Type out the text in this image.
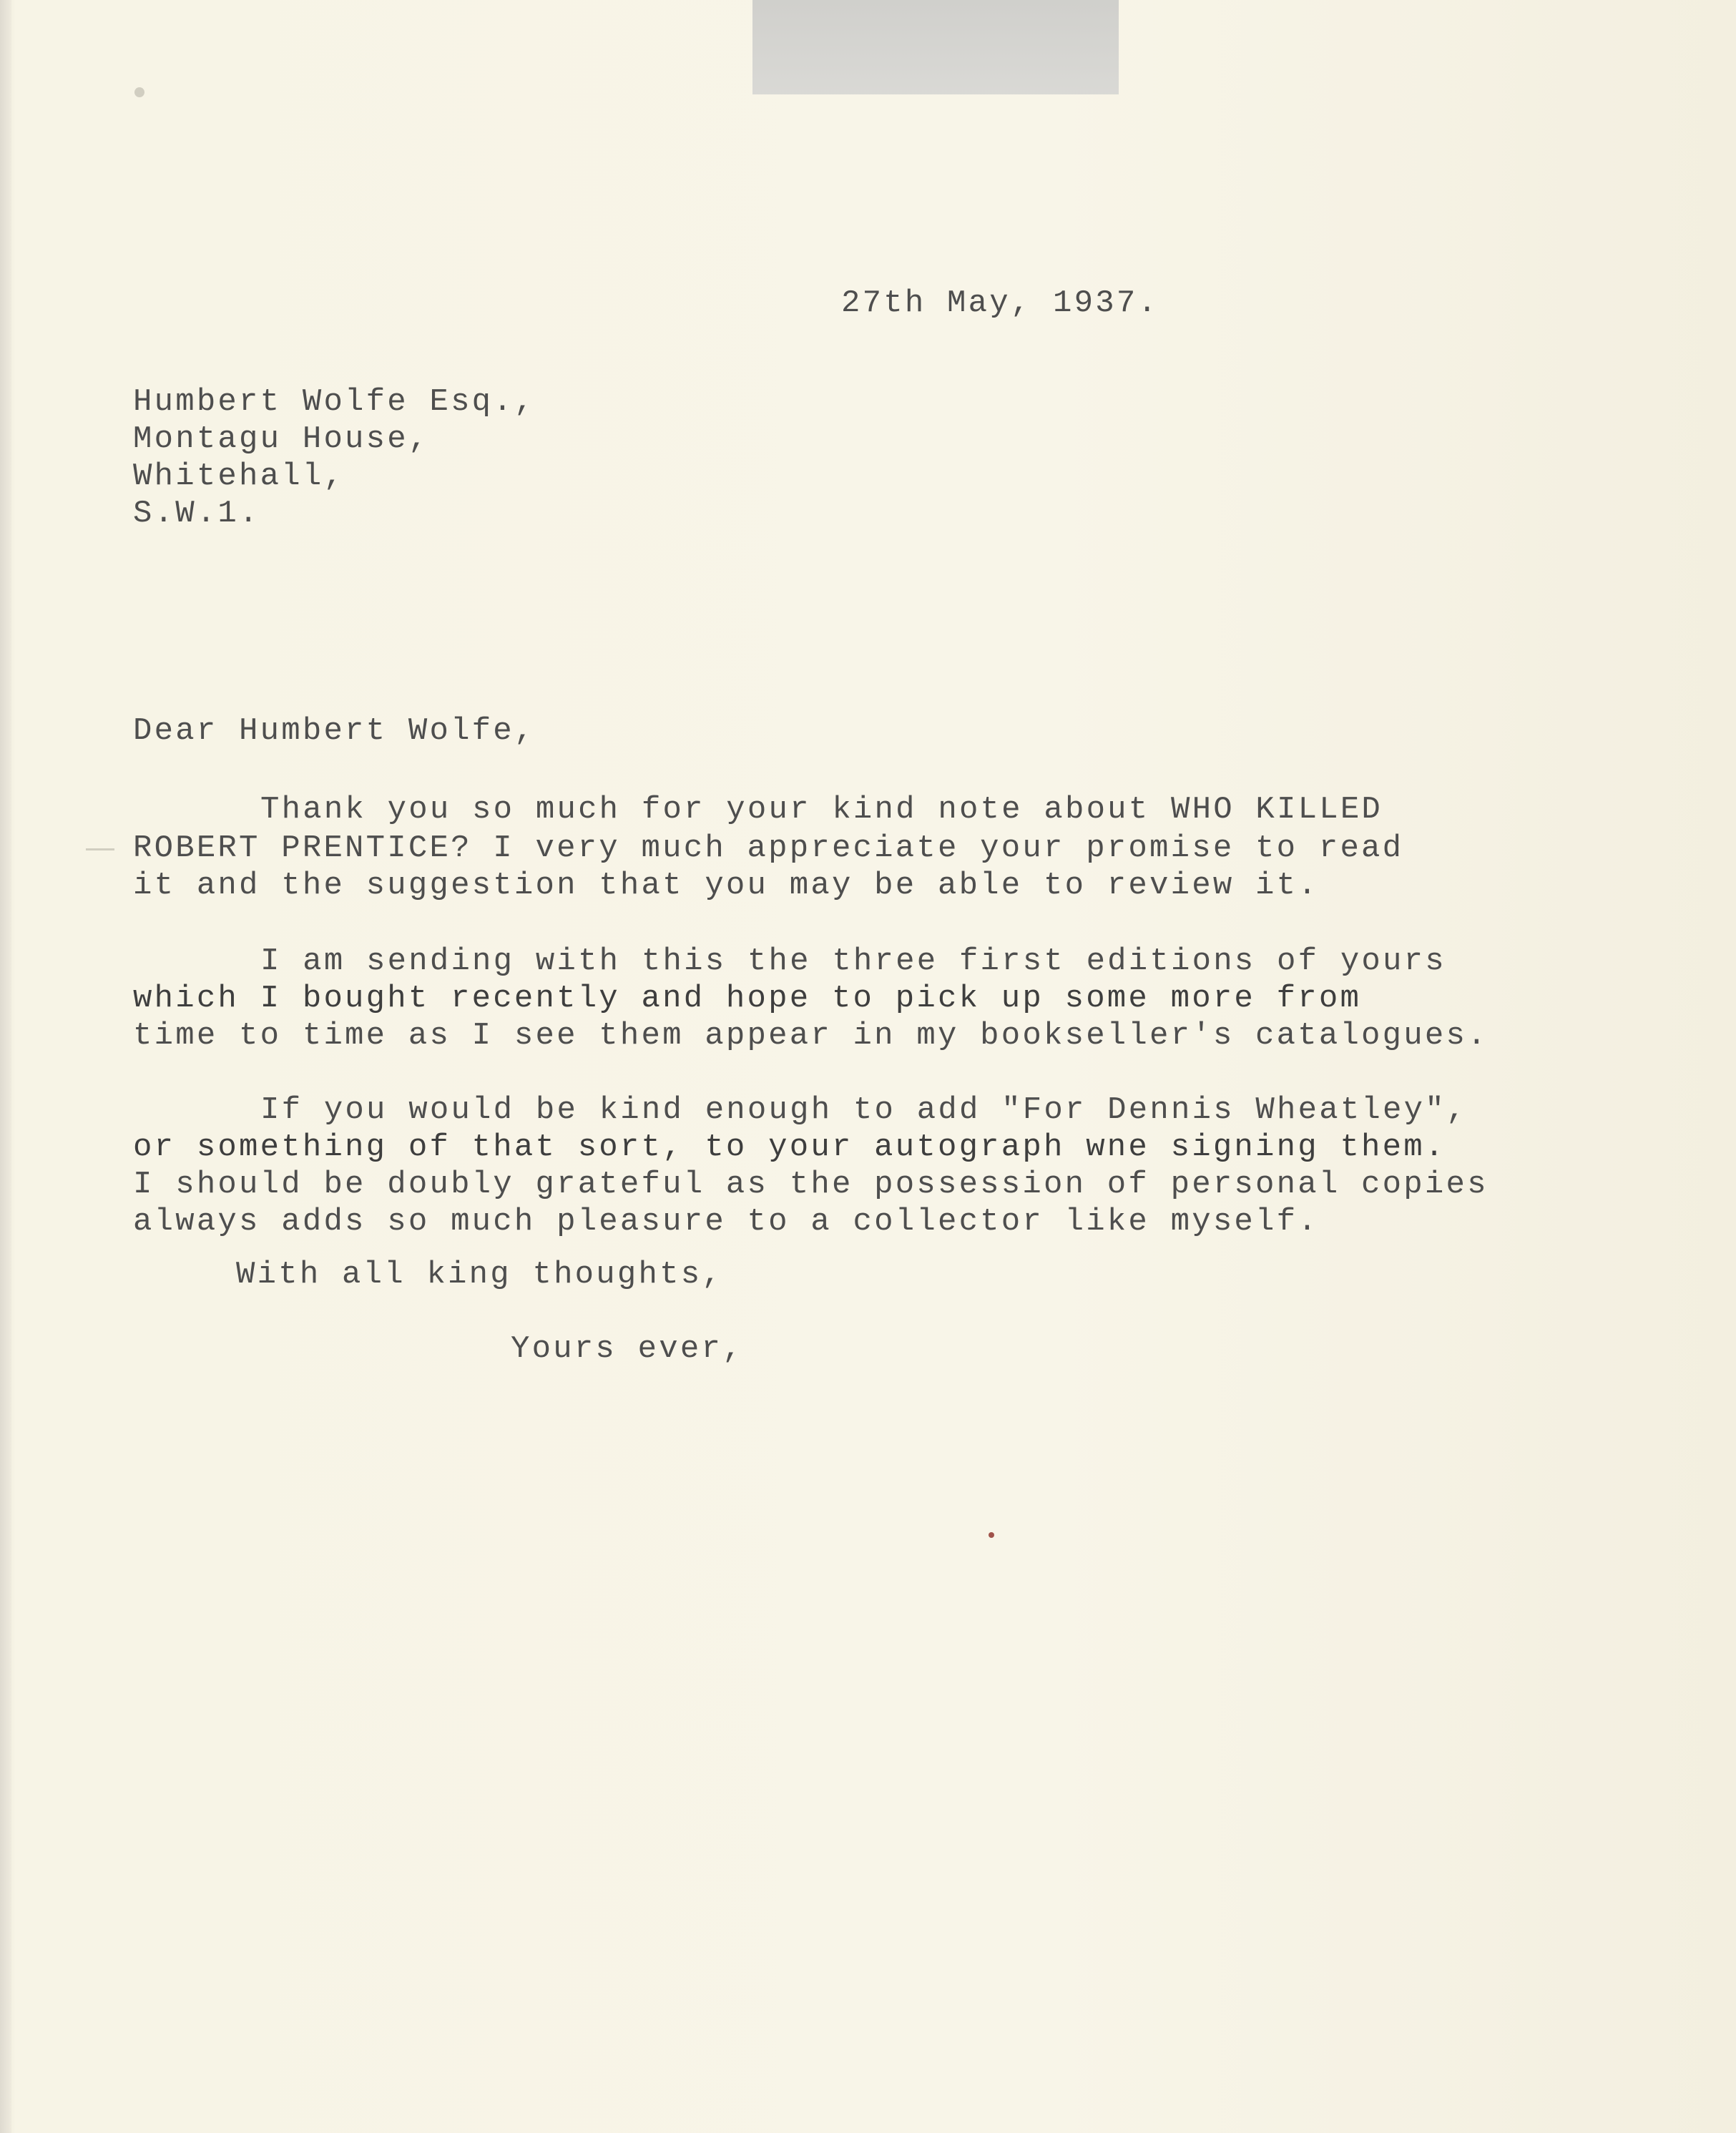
27th May, 1937.
Humbert Wolfe Esq.,
Montagu House,
Whitehall,
S.W.1.
Dear Humbert Wolfe,
Thank you so much for your kind note about WHO KILLED
ROBERT PRENTICE? I very much appreciate your promise to read
it and the suggestion that you may be able to review it.
I am sending with this the three first editions of yours
which I bought recently and hope to pick up some more from
time to time as I see them appear in my bookseller's catalogues.
If you would be kind enough to add "For Dennis Wheatley",
or something of that sort, to your autograph wne signing them.
I should be doubly grateful as the possession of personal copies
always adds so much pleasure to a collector like myself.
With all king thoughts,
Yours ever,
